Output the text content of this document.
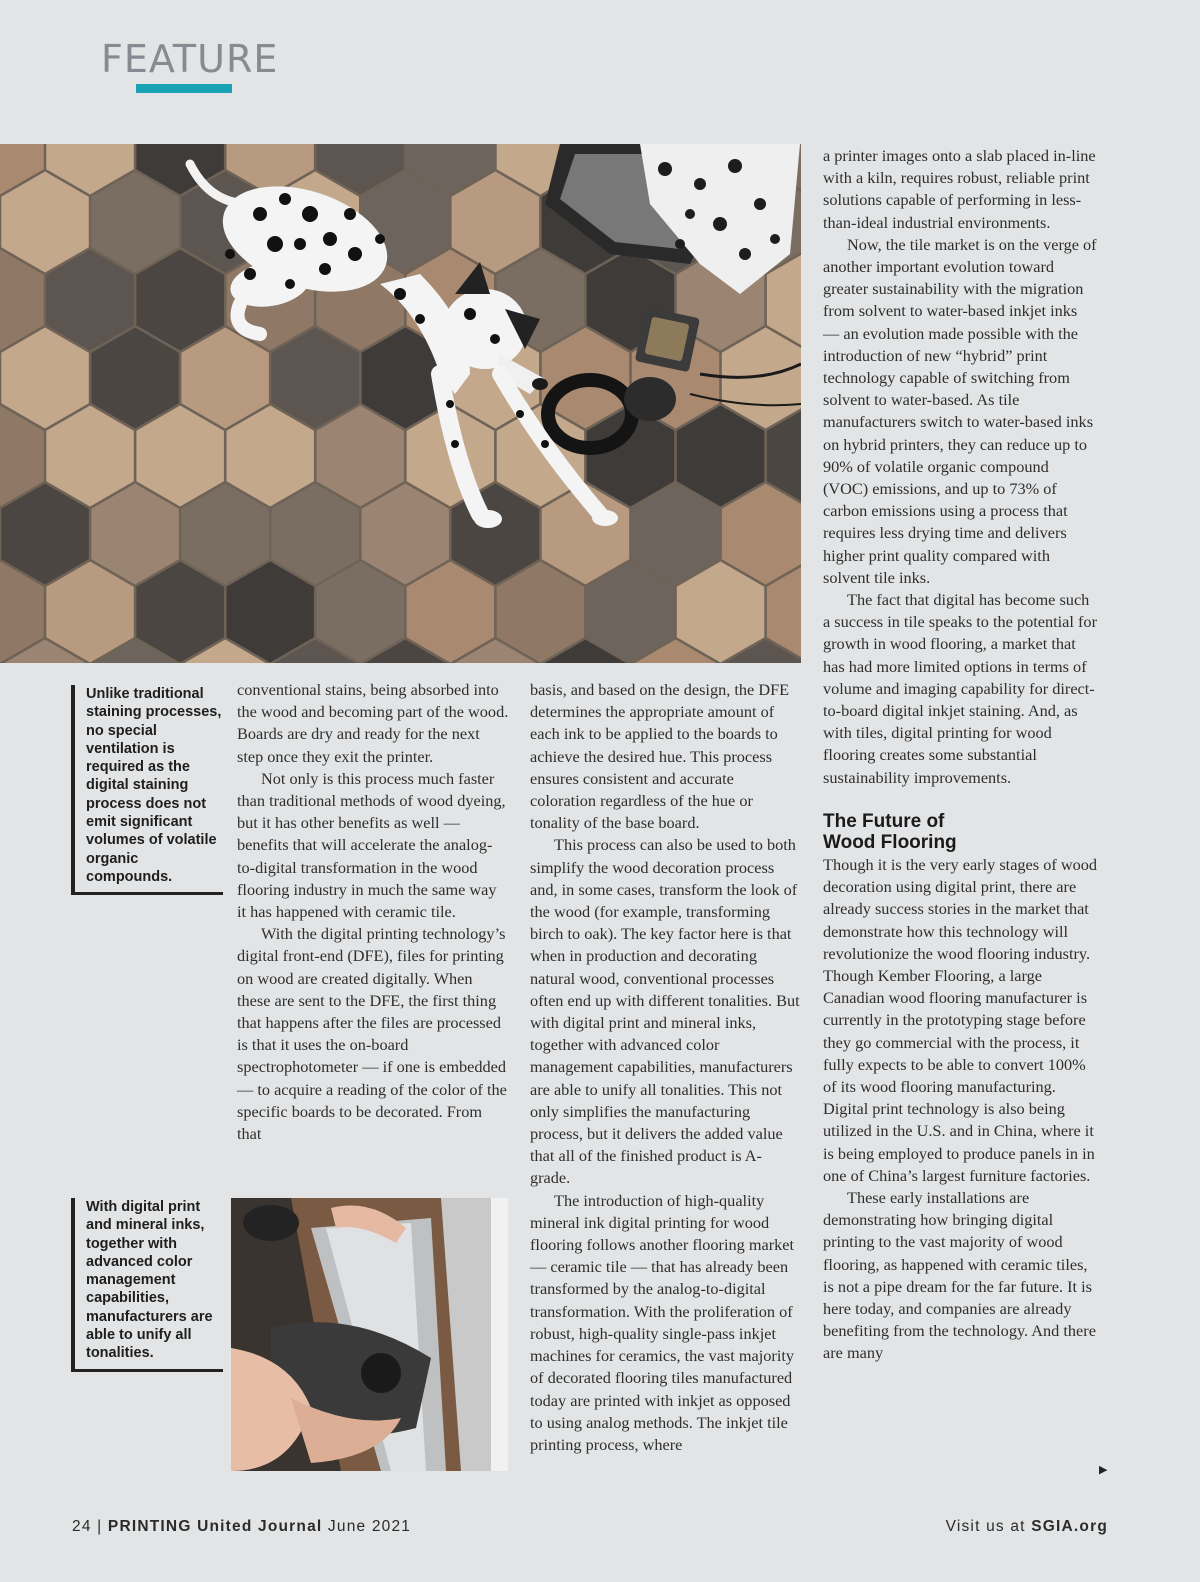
FEATURE
Unlike traditional staining processes, no special ventilation is required as the digital staining process does not emit significant volumes of volatile organic compounds.
With digital print and mineral inks, together with advanced color management capabilities, manufacturers are able to unify all tonalities.

conventional stains, being absorbed into the wood and becoming part of the wood. Boards are dry and ready for the next step once they exit the printer.

Not only is this process much faster than traditional methods of wood dyeing, but it has other benefits as well — benefits that will accelerate the analog-to-digital transformation in the wood flooring industry in much the same way it has happened with ceramic tile.

With the digital printing technology’s digital front-end (DFE), files for printing on wood are created digitally. When these are sent to the DFE, the first thing that happens after the files are processed is that it uses the on-board spectrophotometer — if one is embedded — to acquire a reading of the color of the specific boards to be decorated. From that

basis, and based on the design, the DFE determines the appropriate amount of each ink to be applied to the boards to achieve the desired hue. This process ensures consistent and accurate coloration regardless of the hue or tonality of the base board.

This process can also be used to both simplify the wood decoration process and, in some cases, transform the look of the wood (for example, transforming birch to oak). The key factor here is that when in production and decorating natural wood, conventional processes often end up with different tonalities. But with digital print and mineral inks, together with advanced color management capabilities, manufacturers are able to unify all tonalities. This not only simplifies the manufacturing process, but it delivers the added value that all of the finished product is A-grade.

The introduction of high-quality mineral ink digital printing for wood flooring follows another flooring market — ceramic tile — that has already been transformed by the analog-to-digital transformation. With the proliferation of robust, high-quality single-pass inkjet machines for ceramics, the vast majority of decorated flooring tiles manufactured today are printed with inkjet as opposed to using analog methods. The inkjet tile printing process, where

a printer images onto a slab placed in-line with a kiln, requires robust, reliable print solutions capable of performing in less-than-ideal industrial environments.

Now, the tile market is on the verge of another important evolution toward greater sustainability with the migration from solvent to water-based inkjet inks — an evolution made possible with the introduction of new “hybrid” print technology capable of switching from solvent to water-based. As tile manufacturers switch to water-based inks on hybrid printers, they can reduce up to 90% of volatile organic compound (VOC) emissions, and up to 73% of carbon emissions using a process that requires less drying time and delivers higher print quality compared with solvent tile inks.

The fact that digital has become such a success in tile speaks to the potential for growth in wood flooring, a market that has had more limited options in terms of volume and imaging capability for direct-to-board digital inkjet staining. And, as with tiles, digital printing for wood flooring creates some substantial sustainability improvements.

The Future of
Wood Flooring

Though it is the very early stages of wood decoration using digital print, there are already success stories in the market that demonstrate how this technology will revolutionize the wood flooring industry. Though Kember Flooring, a large Canadian wood flooring manufacturer is currently in the prototyping stage before they go commercial with the process, it fully expects to be able to convert 100% of its wood flooring manufacturing. Digital print technology is also being utilized in the U.S. and in China, where it is being employed to produce panels in in one of China’s largest furniture factories.

These early installations are demonstrating how bringing digital printing to the vast majority of wood flooring, as happened with ceramic tiles, is not a pipe dream for the far future. It is here today, and companies are already benefiting from the technology. And there are many

▶
24 | PRINTING United Journal June 2021	Visit us at SGIA.org
